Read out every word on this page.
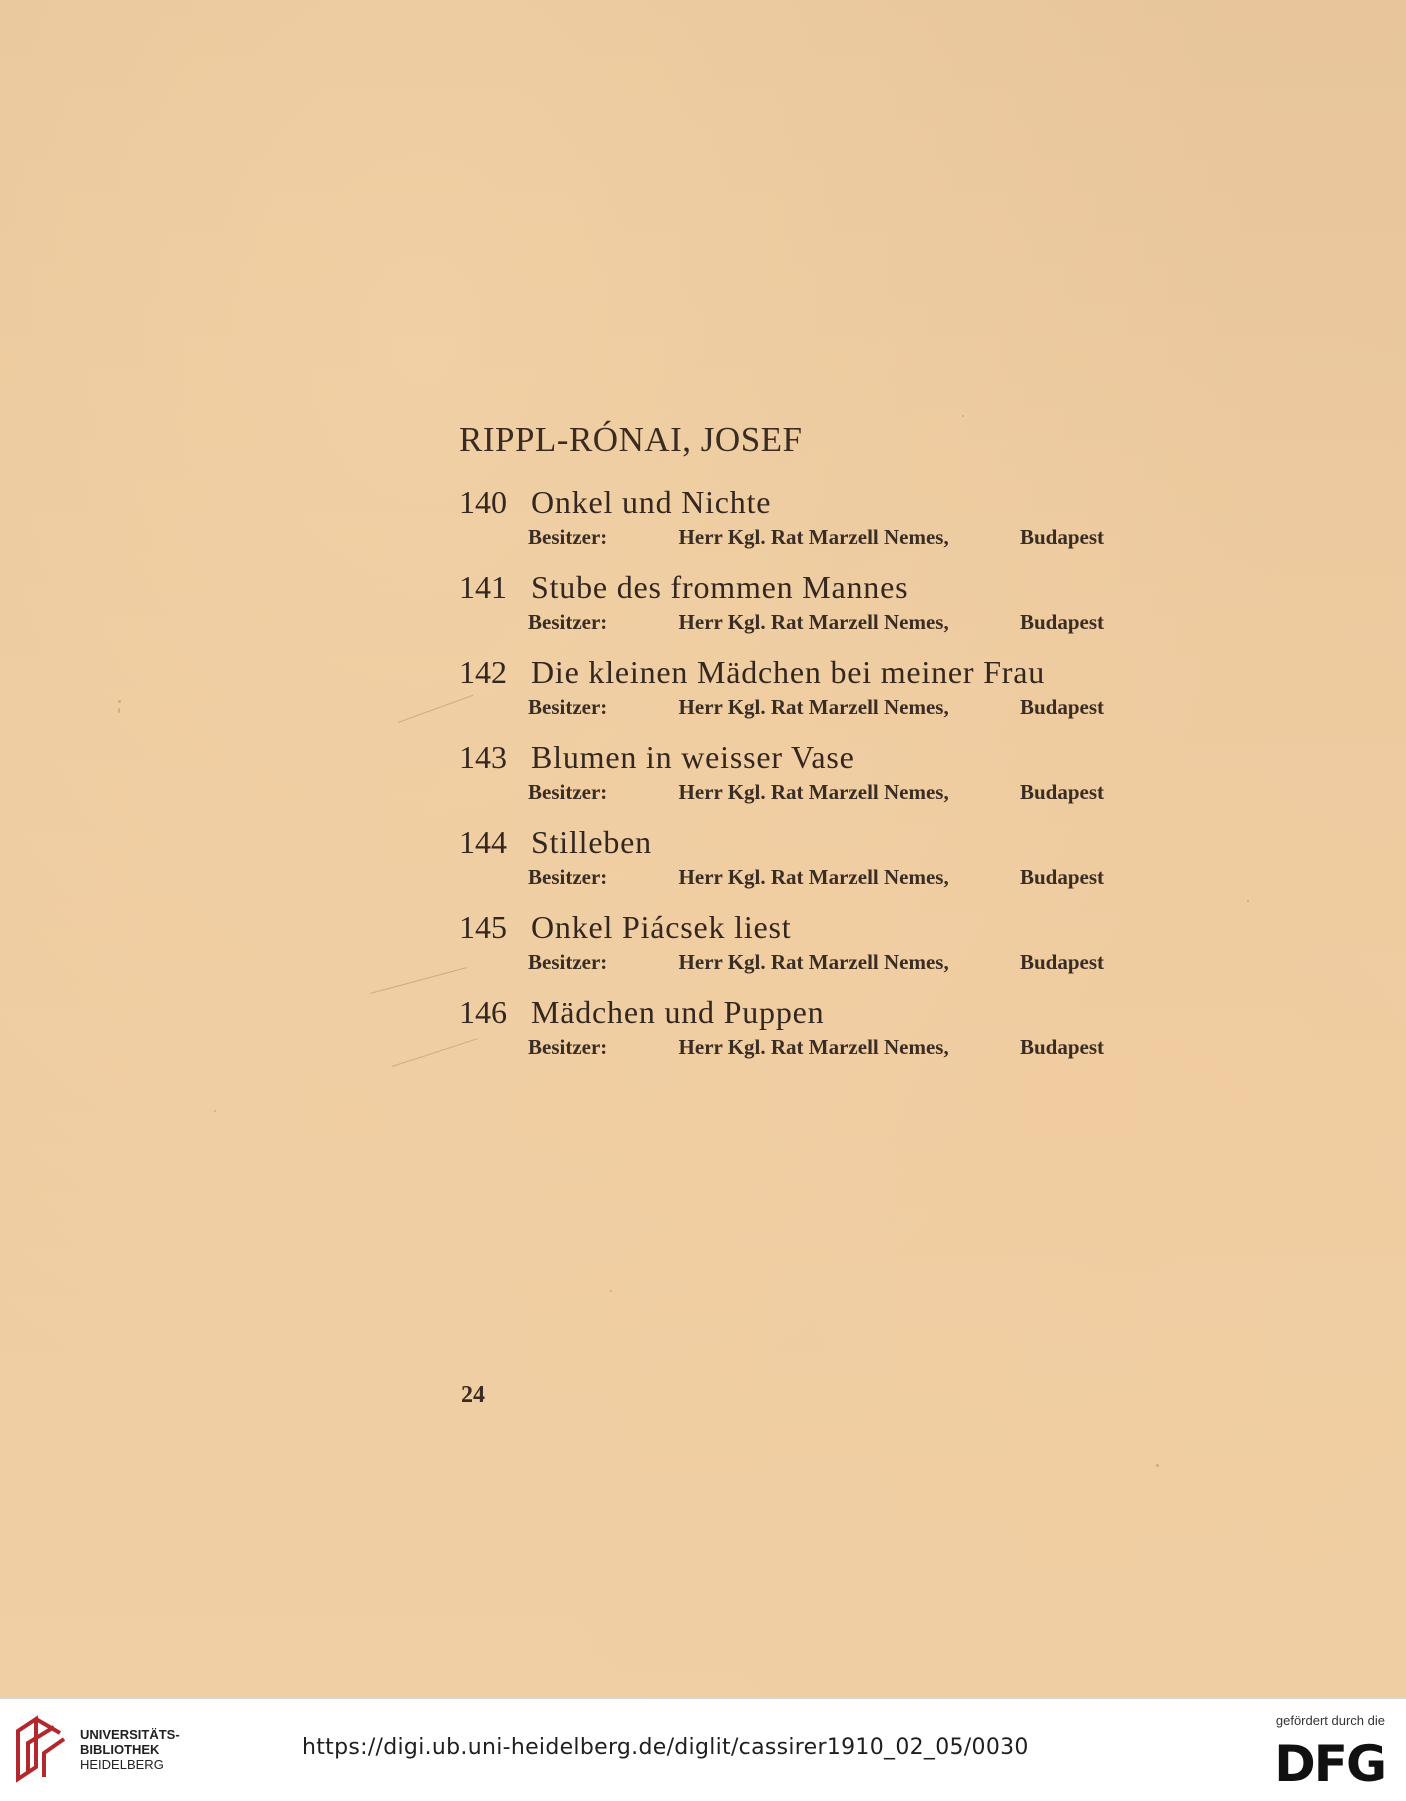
RIPPL-RÓNAI, JOSEF
140 Onkel und Nichte
Besitzer:	Herr Kgl. Rat Marzell Nemes,	Budapest
141 Stube des frommen Mannes
Besitzer:	Herr Kgl. Rat Marzell Nemes,	Budapest
142 Die kleinen Mädchen bei meiner Frau
Besitzer:	Herr Kgl. Rat Marzell Nemes,	Budapest
143 Blumen in weisser Vase
Besitzer:	Herr Kgl. Rat Marzell Nemes,	Budapest
144 Stilleben
Besitzer:	Herr Kgl. Rat Marzell Nemes,	Budapest
145 Onkel Piácsek liest
Besitzer:	Herr Kgl. Rat Marzell Nemes,	Budapest
146 Mädchen und Puppen
Besitzer:	Herr Kgl. Rat Marzell Nemes,	Budapest
24
UNIVERSITÄTS-
BIBLIOTHEK
HEIDELBERG
https://digi.ub.uni-heidelberg.de/diglit/cassirer1910_02_05/0030
gefördert durch die
DFG
